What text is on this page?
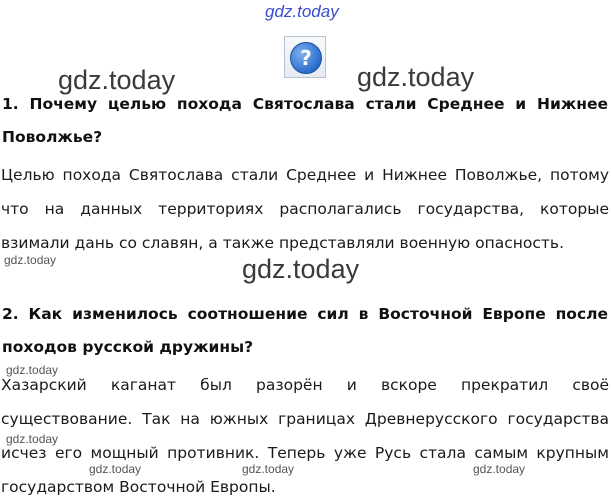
gdz.today
?
gdz.today	gdz.today

1. Почему целью похода Святослава стали Среднее и Нижнее Поволжье?

Целью похода Святослава стали Среднее и Нижнее Поволжье, потому что на данных территориях располагались государства, которые взимали дань со славян, а также представляли военную опасность.

gdz.today
gdz.today

2. Как изменилось соотношение сил в Восточной Европе после походов русской дружины?

Хазарский каганат был разорён и вскоре прекратил своё существование. Так на южных границах Древнерусского государства исчез его мощный противник. Теперь уже Русь стала самым крупным государством Восточной Европы.

gdz.today
gdz.today
gdz.today	gdz.today	gdz.today
